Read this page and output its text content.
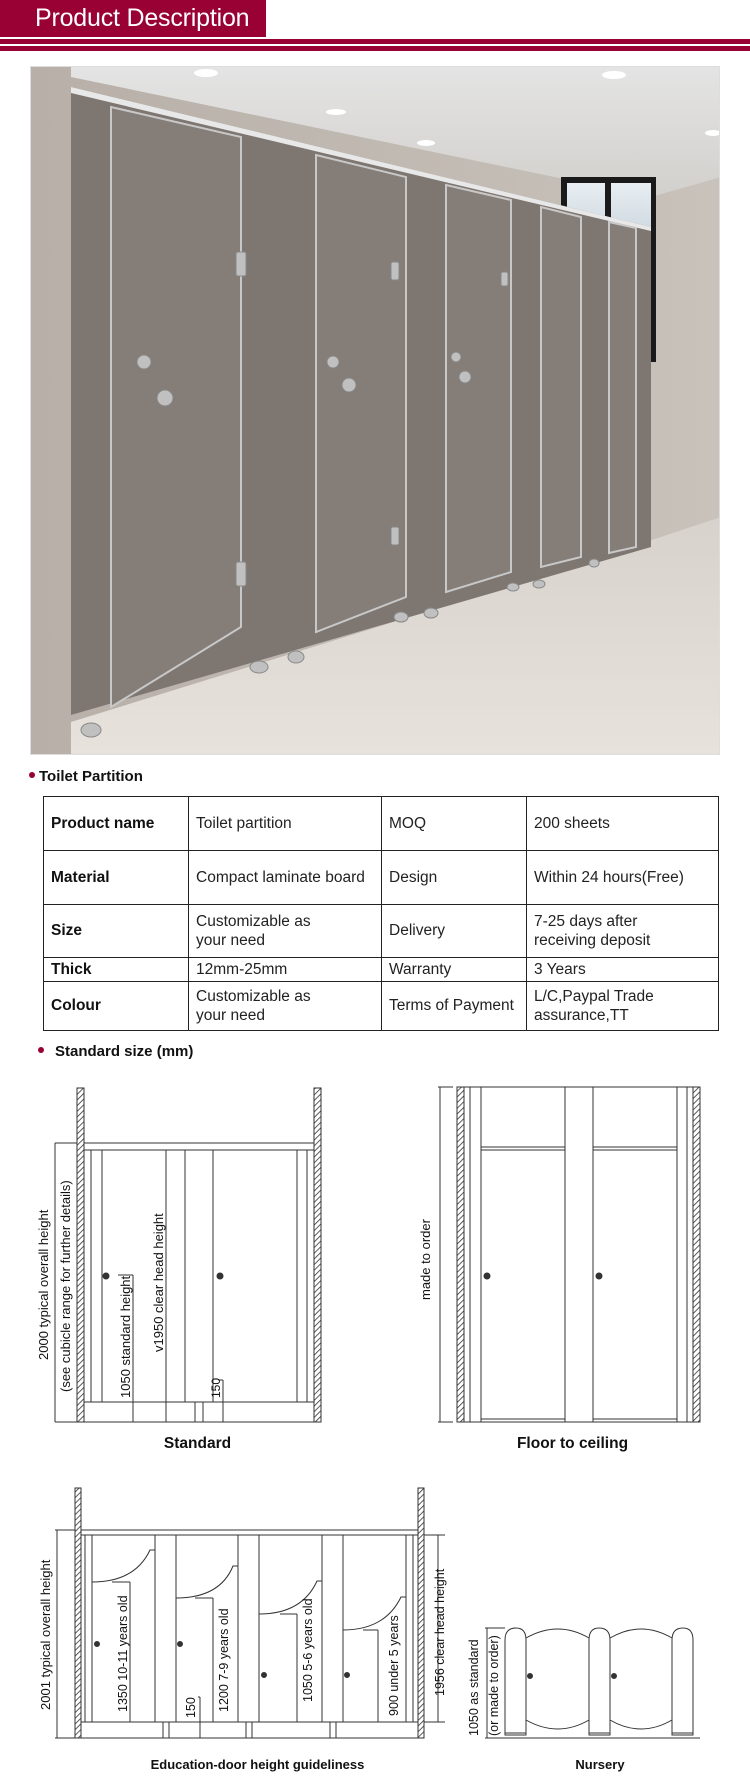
Product Description
Toilet Partition
Product name	Toilet partition	MOQ	200 sheets
Material	Compact laminate board	Design	Within 24 hours(Free)
Size	Customizable as your need	Delivery	7-25 days after receiving deposit

Thick	12mm-25mm	Warranty	3 Years
Colour	Customizable as your need	Terms of Payment	L/C,Paypal Trade assurance,TT
Standard size (mm)
2000 typical overall height (see cubicle range for further details)	1050 standard height v1950 clear head height
150
Standard
made to order
Floor to ceiling
2001 typical overall height	1350 10-11 years old	150 1200 7-9 years old	1050 5-6 years old	900 under 5 years	1956 clear head height
Education-door height guideliness
1050 as standard (or made to order)
Nursery
